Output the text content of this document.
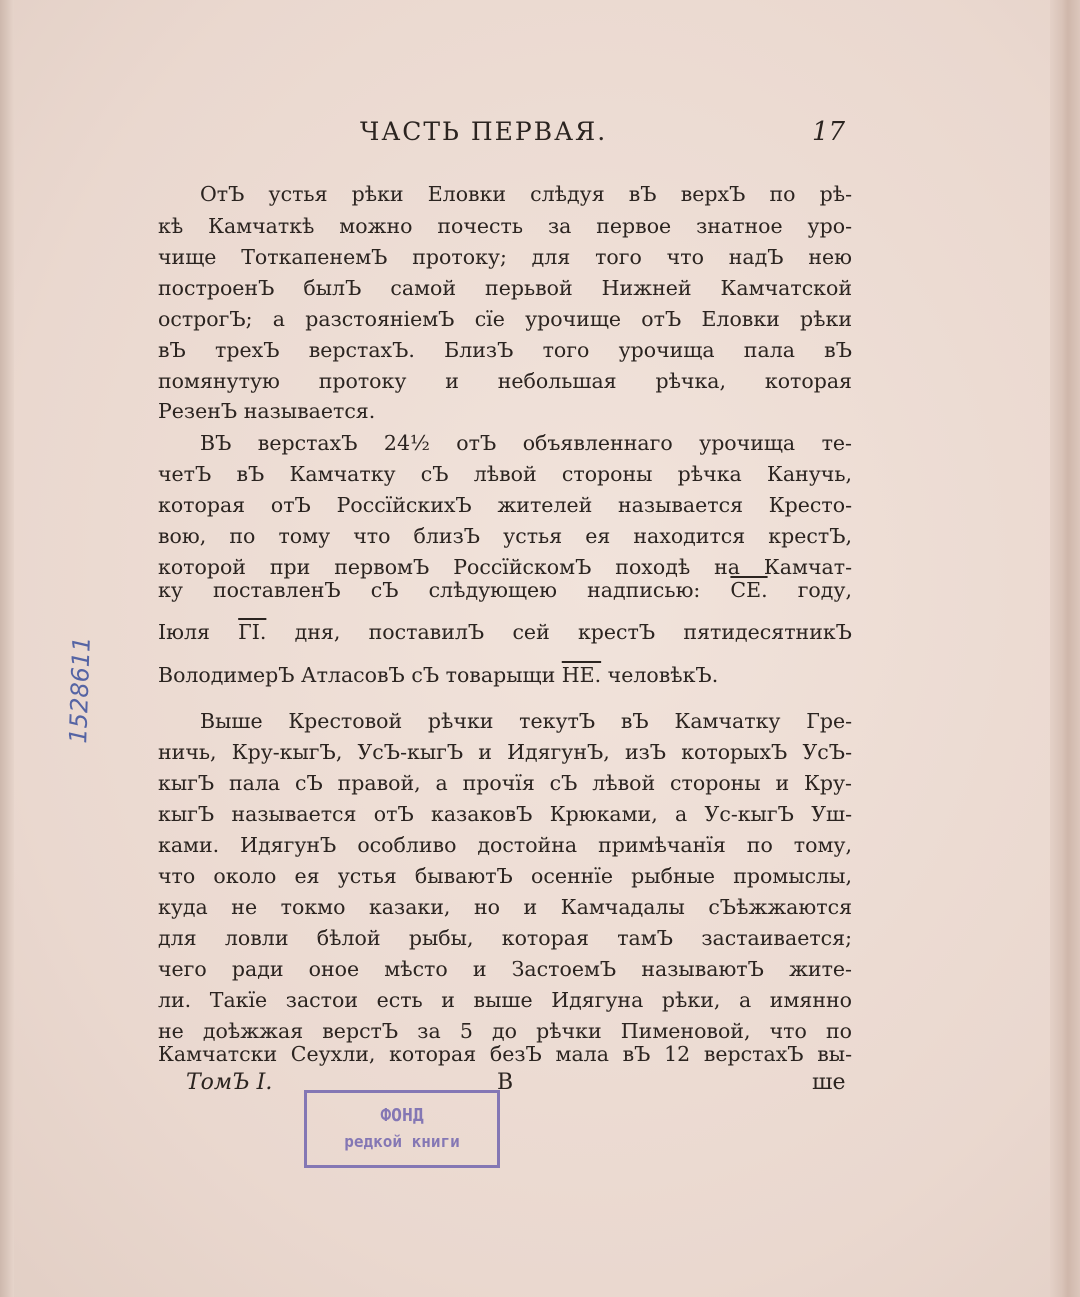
ЧАСТЬ ПЕРВАЯ.	17
ОтЪ устья рѣки Еловки слѣдуя вЪ верхЪ по рѣ-
кѣ Камчаткѣ можно почесть за первое знатное уро-
чище ТоткапенемЪ протоку; для того что надЪ нею
построенЪ былЪ самой перьвой Нижней Камчатской
острогЪ; а разстояніемЪ сїе урочище отЪ Еловки рѣки
вЪ трехЪ верстахЪ. БлизЪ того урочища пала вЪ
помянутую протоку и небольшая рѣчка, которая
РезенЪ называется.
ВЪ верстахЪ 24½ отЪ объявленнаго урочища те-
четЪ вЪ Камчатку сЪ лѣвой стороны рѣчка Канучь,
которая отЪ РоссїйскихЪ жителей называется Крестo-
вою, по тому что близЪ устья ея находится крестЪ,
которой при первомЪ РоссїйскомЪ походѣ на Камчат-
ку поставленЪ сЪ слѣдующею надписью: СЕ. году,
Іюля ГІ. дня, поставилЪ сей крестЪ пятидесятникЪ
ВолодимерЪ АтласовЪ сЪ товарыщи НЕ. человѣкЪ.
Выше Крестовой рѣчки текутЪ вЪ Камчатку Гре-
ничь, Кру-кыгЪ, УсЪ-кыгЪ и ИдягунЪ, изЪ которыхЪ УсЪ-
кыгЪ пала сЪ правой, а прочїя сЪ лѣвой стороны и Кру-
кыгЪ называется отЪ казаковЪ Крюками, а Ус-кыгЪ Уш-
ками. ИдягунЪ особливо достойна примѣчанїя по тому,
что около ея устья бываютЪ осеннїе рыбные промыслы,
куда не токмо казаки, но и Камчадалы сЪѣжжаются
для ловли бѣлой рыбы, которая тамЪ застаивается;
чего ради оное мѣсто и ЗастоемЪ называютЪ жите-
ли. Такїе застои есть и выше Идягуна рѣки, а имянно
не доѣжжая верстЪ за 5 до рѣчки Пименовой, что по
Камчатски Сеухли, которая безЪ мала вЪ 12 верстахЪ вы-
ТомЪ I.	В	ше
1528611
ФОНД
редкой книги
